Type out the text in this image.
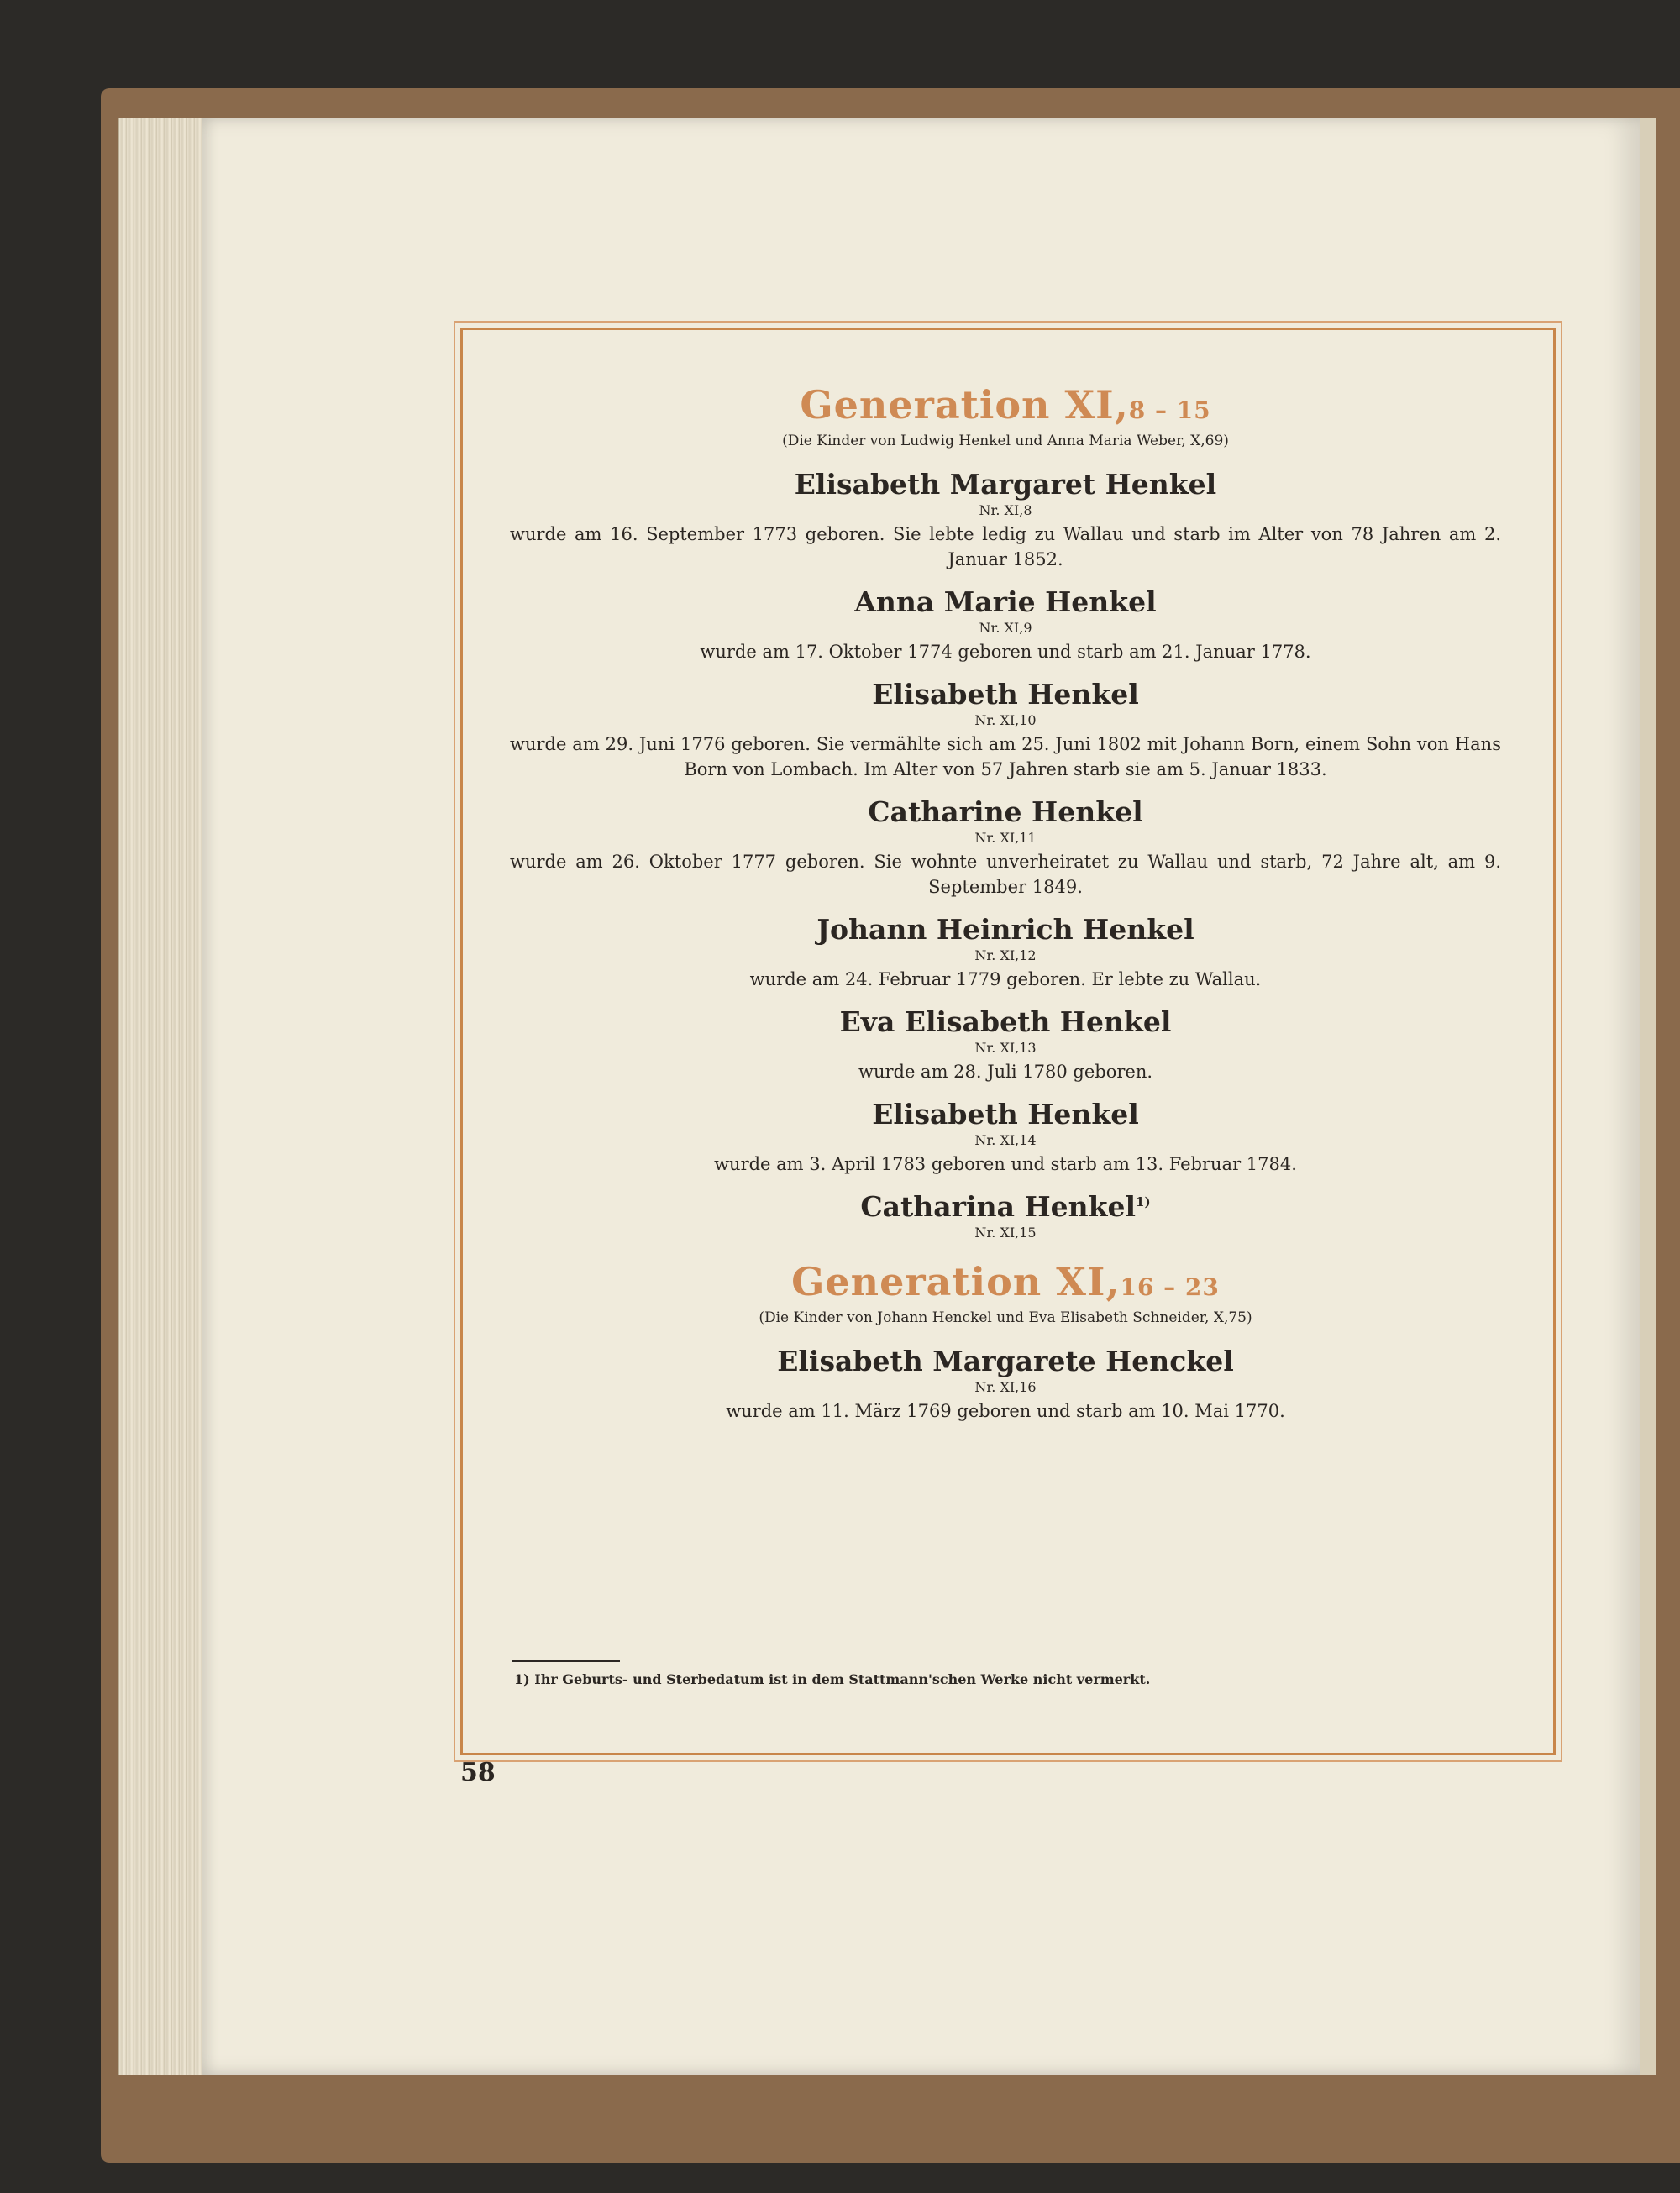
Generation XI,8 – 15
(Die Kinder von Ludwig Henkel und Anna Maria Weber, X,69)
Elisabeth Margaret Henkel
Nr. XI,8
wurde am 16. September 1773 geboren. Sie lebte ledig zu Wallau und starb im Alter von 78 Jahren am 2. Januar 1852.
Anna Marie Henkel
Nr. XI,9
wurde am 17. Oktober 1774 geboren und starb am 21. Januar 1778.
Elisabeth Henkel
Nr. XI,10
wurde am 29. Juni 1776 geboren. Sie vermählte sich am 25. Juni 1802 mit Johann Born, einem Sohn von Hans Born von Lombach. Im Alter von 57 Jahren starb sie am 5. Januar 1833.
Catharine Henkel
Nr. XI,11
wurde am 26. Oktober 1777 geboren. Sie wohnte unverheiratet zu Wallau und starb, 72 Jahre alt, am 9. September 1849.
Johann Heinrich Henkel
Nr. XI,12
wurde am 24. Februar 1779 geboren. Er lebte zu Wallau.
Eva Elisabeth Henkel
Nr. XI,13
wurde am 28. Juli 1780 geboren.
Elisabeth Henkel
Nr. XI,14
wurde am 3. April 1783 geboren und starb am 13. Februar 1784.
Catharina Henkel$^{1)}$
Nr. XI,15
Generation XI,16 – 23
(Die Kinder von Johann Henckel und Eva Elisabeth Schneider, X,75)
Elisabeth Margarete Henckel
Nr. XI,16
wurde am 11. März 1769 geboren und starb am 10. Mai 1770.
1) Ihr Geburts- und Sterbedatum ist in dem Stattmann'schen Werke nicht vermerkt.
58
